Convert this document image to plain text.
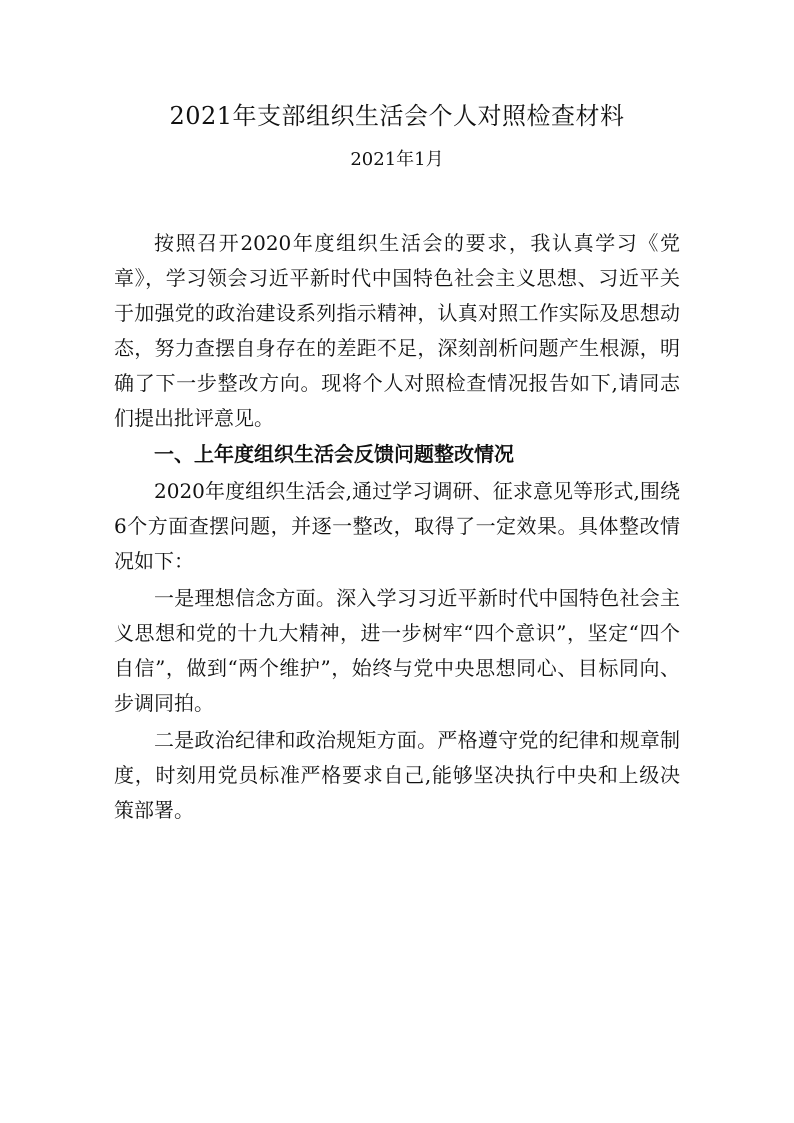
2021年支部组织生活会个人对照检查材料
2021年1月

按照召开2020年度组织生活会的要求，我认真学习《党章》，学习领会习近平新时代中国特色社会主义思想、习近平关于加强党的政治建设系列指示精神，认真对照工作实际及思想动态，努力查摆自身存在的差距不足，深刻剖析问题产生根源，明确了下一步整改方向。现将个人对照检查情况报告如下,请同志们提出批评意见。

一、上年度组织生活会反馈问题整改情况

2020年度组织生活会,通过学习调研、征求意见等形式,围绕6个方面查摆问题，并逐一整改，取得了一定效果。具体整改情况如下：

一是理想信念方面。深入学习习近平新时代中国特色社会主义思想和党的十九大精神，进一步树牢“四个意识”，坚定“四个自信”，做到“两个维护”，始终与党中央思想同心、目标同向、步调同拍。

二是政治纪律和政治规矩方面。严格遵守党的纪律和规章制度，时刻用党员标准严格要求自己,能够坚决执行中央和上级决策部署。
